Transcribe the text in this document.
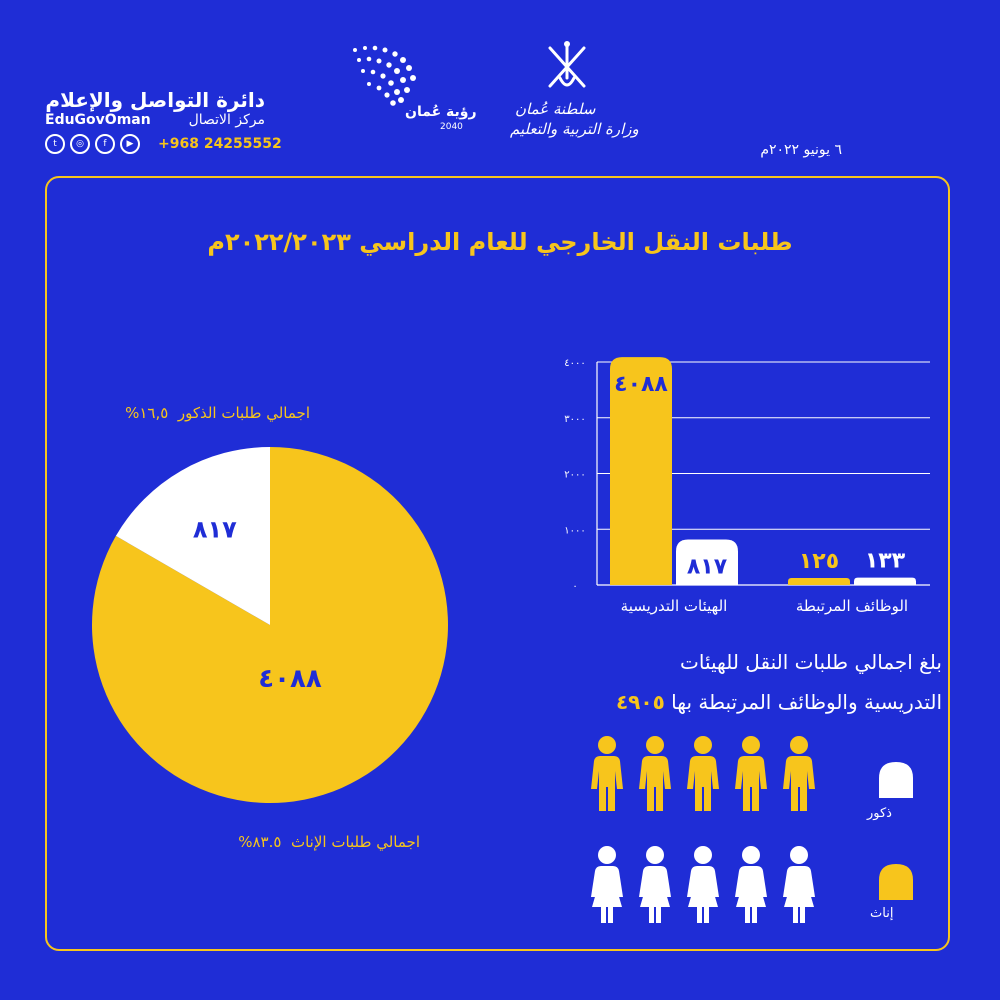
دائرة التواصل والإعلام
EduGovOman	مركز الاتصال
+968 24255552
t	◎	f	▶
رؤية عُمان
2040
سلطنة عُمان
وزارة التربية والتعليم
٦ يونيو ٢٠٢٢م
طلبات النقل الخارجي للعام الدراسي ٢٠٢٢/٢٠٢٣م
اجمالي طلبات الذكور  ١٦,٥%
٨١٧
٤٠٨٨
اجمالي طلبات الإناث  ٨٣.٥%
٠
١٠٠٠
٢٠٠٠
٣٠٠٠
٤٠٠٠
٤٠٨٨
٨١٧
الهيئات التدريسية
١٢٥ ١٣٣
الوظائف المرتبطة
بلغ اجمالي طلبات النقل للهيئات
التدريسية والوظائف المرتبطة بها ٤٩٠٥
ذكور
إناث
